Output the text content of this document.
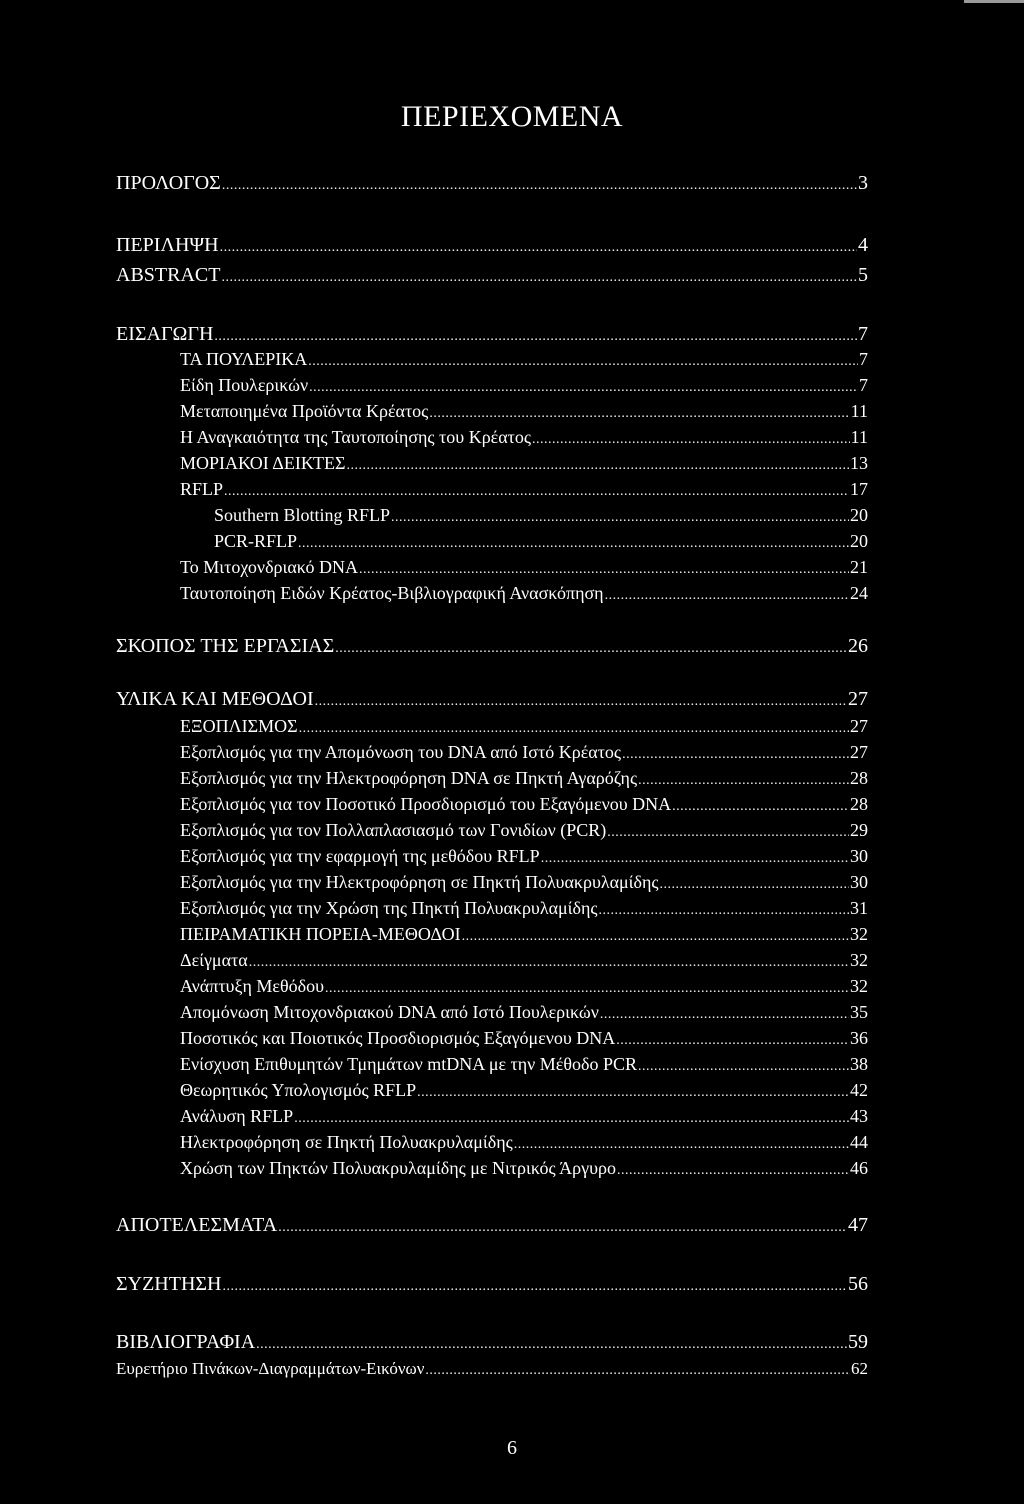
ΠΕΡΙΕΧΟΜΕΝΑ
ΠΡΟΛΟΓΟΣ .....	3
ΠΕΡΙΛΗΨΗ .....	4
ABSTRACT .....	5
ΕΙΣΑΓΩΓΗ .....	7
ΤΑ ΠΟΥΛΕΡΙΚΑ .....	7
Είδη Πουλερικών .....	7
Μεταποιημένα Προϊόντα Κρέατος .....	11
Η Αναγκαιότητα της Ταυτοποίησης του Κρέατος .....	11
ΜΟΡΙΑΚΟΙ ΔΕΙΚΤΕΣ .....	13
RFLP .....	17
Southern Blotting RFLP .....	20
PCR-RFLP .....	20
Το Μιτοχονδριακό DNA .....	21
Ταυτοποίηση Ειδών Κρέατος-Βιβλιογραφική Ανασκόπηση .....	24
ΣΚΟΠΟΣ ΤΗΣ ΕΡΓΑΣΙΑΣ .....	26
ΥΛΙΚΑ ΚΑΙ ΜΕΘΟΔΟΙ .....	27
ΕΞΟΠΛΙΣΜΟΣ .....	27
Εξοπλισμός για την Απομόνωση του DNA από Ιστό Κρέατος .....	27
Εξοπλισμός για την Ηλεκτροφόρηση DNA σε Πηκτή Αγαρόζης .....	28
Εξοπλισμός για τον Ποσοτικό Προσδιορισμό του Εξαγόμενου DNA .....	28
Εξοπλισμός για τον Πολλαπλασιασμό των Γονιδίων (PCR) .....	29
Εξοπλισμός για την εφαρμογή της μεθόδου RFLP .....	30
Εξοπλισμός για την Ηλεκτροφόρηση σε Πηκτή Πολυακρυλαμίδης .....	30
Εξοπλισμός για την Χρώση της Πηκτή Πολυακρυλαμίδης .....	31
ΠΕΙΡΑΜΑΤΙΚΗ ΠΟΡΕΙΑ-ΜΕΘΟΔΟΙ .....	32
Δείγματα .....	32
Ανάπτυξη Μεθόδου .....	32
Απομόνωση Μιτοχονδριακού DNA από Ιστό Πουλερικών .....	35
Ποσοτικός και Ποιοτικός Προσδιορισμός Εξαγόμενου DNA .....	36
Ενίσχυση Επιθυμητών Τμημάτων mtDNA με την Μέθοδο PCR .....	38
Θεωρητικός Υπολογισμός RFLP .....	42
Ανάλυση RFLP .....	43
Ηλεκτροφόρηση σε Πηκτή Πολυακρυλαμίδης .....	44
Χρώση των Πηκτών Πολυακρυλαμίδης με Νιτρικός Άργυρο .....	46
ΑΠΟΤΕΛΕΣΜΑΤΑ .....	47
ΣΥΖΗΤΗΣΗ .....	56
ΒΙΒΛΙΟΓΡΑΦΙΑ .....	59
Ευρετήριο Πινάκων-Διαγραμμάτων-Εικόνων .....	62
6
